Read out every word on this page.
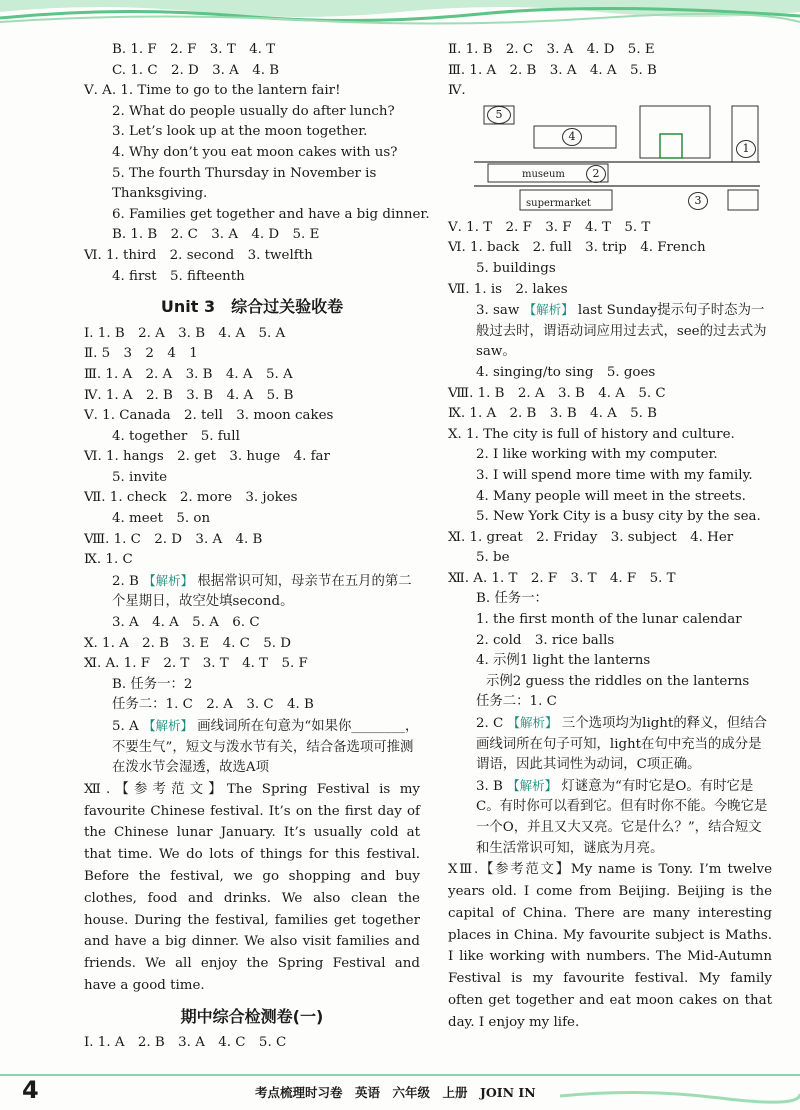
B. 1. F　2. F　3. T　4. T
C. 1. C　2. D　3. A　4. B
Ⅴ. A. 1. Time to go to the lantern fair!
2. What do people usually do after lunch?
3. Let’s look up at the moon together.
4. Why don’t you eat moon cakes with us?
5. The fourth Thursday in November is Thanksgiving.
6. Families get together and have a big dinner.
B. 1. B　2. C　3. A　4. D　5. E
Ⅵ. 1. third　2. second　3. twelfth
4. first　5. fifteenth
Unit 3　综合过关验收卷
Ⅰ. 1. B　2. A　3. B　4. A　5. A
Ⅱ. 5　3　2　4　1
Ⅲ. 1. A　2. A　3. B　4. A　5. A
Ⅳ. 1. A　2. B　3. B　4. A　5. B
Ⅴ. 1. Canada　2. tell　3. moon cakes
4. together　5. full
Ⅵ. 1. hangs　2. get　3. huge　4. far
5. invite
Ⅶ. 1. check　2. more　3. jokes
4. meet　5. on
Ⅷ. 1. C　2. D　3. A　4. B
Ⅸ. 1. C
2. B 【解析】 根据常识可知，母亲节在五月的第二个星期日，故空处填second。
3. A　4. A　5. A　6. C
Ⅹ. 1. A　2. B　3. E　4. C　5. D
Ⅺ. A. 1. F　2. T　3. T　4. T　5. F
B. 任务一：2
任务二：1. C　2. A　3. C　4. B
5. A 【解析】 画线词所在句意为“如果你________，不要生气”，短文与泼水节有关，结合备选项可推测在泼水节会湿透，故选A项
Ⅻ.【参考范文】The Spring Festival is my favourite Chinese festival. It’s on the first day of the Chinese lunar January. It’s usually cold at that time. We do lots of things for this festival. Before the festival, we go shopping and buy clothes, food and drinks. We also clean the house. During the festival, families get together and have a big dinner. We also visit families and friends. We all enjoy the Spring Festival and have a good time.
期中综合检测卷(一)
Ⅰ. 1. A　2. B　3. A　4. C　5. C
Ⅱ. 1. B　2. C　3. A　4. D　5. E
Ⅲ. 1. A　2. B　3. A　4. A　5. B
Ⅳ.
5
4
museum	2
supermarket	3
1
Ⅴ. 1. T　2. F　3. F　4. T　5. T
Ⅵ. 1. back　2. full　3. trip　4. French
5. buildings
Ⅶ. 1. is　2. lakes
3. saw 【解析】 last Sunday提示句子时态为一般过去时，谓语动词应用过去式，see的过去式为saw。
4. singing/to sing　5. goes
Ⅷ. 1. B　2. A　3. B　4. A　5. C
Ⅸ. 1. A　2. B　3. B　4. A　5. B
Ⅹ. 1. The city is full of history and culture.
2. I like working with my computer.
3. I will spend more time with my family.
4. Many people will meet in the streets.
5. New York City is a busy city by the sea.
Ⅺ. 1. great　2. Friday　3. subject　4. Her
5. be
Ⅻ. A. 1. T　2. F　3. T　4. F　5. T
B. 任务一：
1. the first month of the lunar calendar
2. cold　3. rice balls
4. 示例1 light the lanterns
示例2 guess the riddles on the lanterns
任务二：1. C
2. C 【解析】 三个选项均为light的释义，但结合画线词所在句子可知，light在句中充当的成分是谓语，因此其词性为动词，C项正确。
3. B 【解析】 灯谜意为“有时它是O。有时它是C。有时你可以看到它。但有时你不能。今晚它是一个O，并且又大又亮。它是什么？”，结合短文和生活常识可知，谜底为月亮。
ⅩⅢ.【参考范文】My name is Tony. I’m twelve years old. I come from Beijing. Beijing is the capital of China. There are many interesting places in China. My favourite subject is Maths. I like working with numbers. The Mid-Autumn Festival is my favourite festival. My family often get together and eat moon cakes on that day. I enjoy my life.
4	考点梳理时习卷　英语　六年级　上册　JOIN IN
